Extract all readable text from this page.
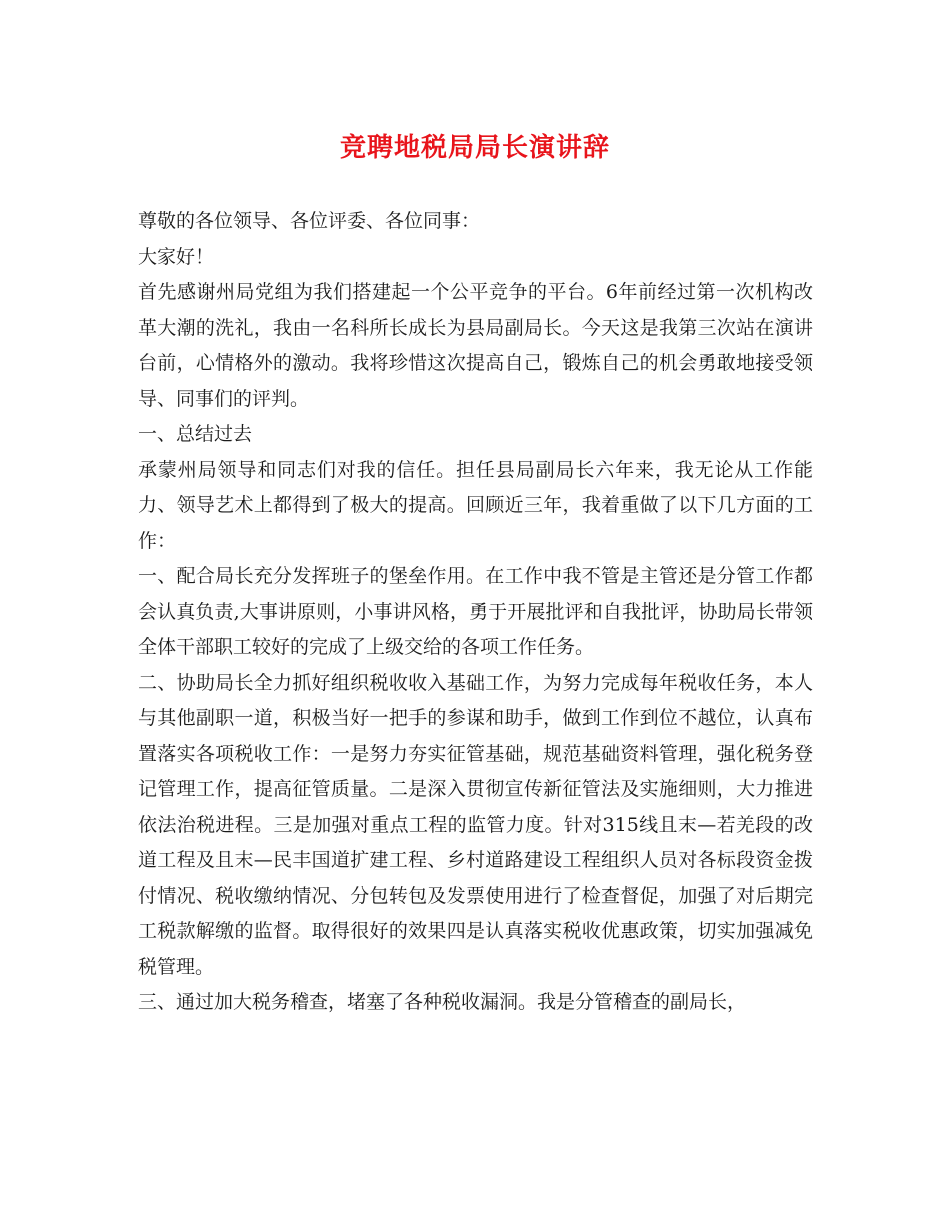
竞聘地税局局长演讲辞

尊敬的各位领导、各位评委、各位同事：

大家好！

首先感谢州局党组为我们搭建起一个公平竞争的平台。6年前经过第一次机构改革大潮的洗礼，我由一名科所长成长为县局副局长。今天这是我第三次站在演讲台前，心情格外的激动。我将珍惜这次提高自己，锻炼自己的机会勇敢地接受领导、同事们的评判。

一、总结过去

承蒙州局领导和同志们对我的信任。担任县局副局长六年来，我无论从工作能力、领导艺术上都得到了极大的提高。回顾近三年，我着重做了以下几方面的工作：

一、配合局长充分发挥班子的堡垒作用。在工作中我不管是主管还是分管工作都会认真负责,大事讲原则，小事讲风格，勇于开展批评和自我批评，协助局长带领全体干部职工较好的完成了上级交给的各项工作任务。

二、协助局长全力抓好组织税收收入基础工作，为努力完成每年税收任务，本人与其他副职一道，积极当好一把手的参谋和助手，做到工作到位不越位，认真布置落实各项税收工作：一是努力夯实征管基础，规范基础资料管理，强化税务登记管理工作，提高征管质量。二是深入贯彻宣传新征管法及实施细则，大力推进依法治税进程。三是加强对重点工程的监管力度。针对315线且末—若羌段的改道工程及且末—民丰国道扩建工程、乡村道路建设工程组织人员对各标段资金拨付情况、税收缴纳情况、分包转包及发票使用进行了检查督促，加强了对后期完工税款解缴的监督。取得很好的效果四是认真落实税收优惠政策，切实加强减免税管理。

三、通过加大税务稽查，堵塞了各种税收漏洞。我是分管稽查的副局长，
